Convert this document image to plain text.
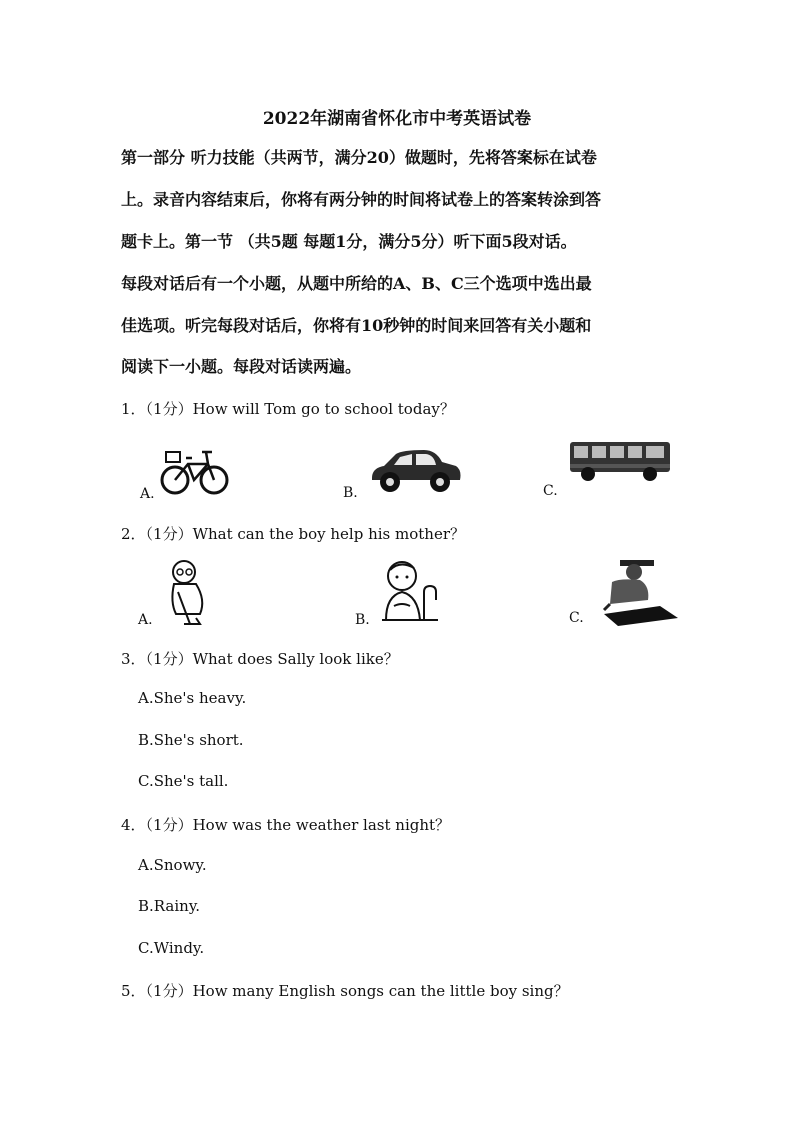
2022年湖南省怀化市中考英语试卷
第一部分 听力技能（共两节，满分20）做题时，先将答案标在试卷
上。录音内容结束后，你将有两分钟的时间将试卷上的答案转涂到答
题卡上。第一节 （共5题 每题1分，满分5分）听下面5段对话。
每段对话后有一个小题，从题中所给的A、B、C三个选项中选出最
佳选项。听完每段对话后，你将有10秒钟的时间来回答有关小题和
阅读下一小题。每段对话读两遍。
1．（1分）How will Tom go to school today？
A.	B.	C.
2．（1分）What can the boy help his mother？
A.	B.	C.
3．（1分）What does Sally look like？
A.She's heavy.
B.She's short.
C.She's tall.
4．（1分）How was the weather last night？
A.Snowy.
B.Rainy.
C.Windy.
5．（1分）How many English songs can the little boy sing？
